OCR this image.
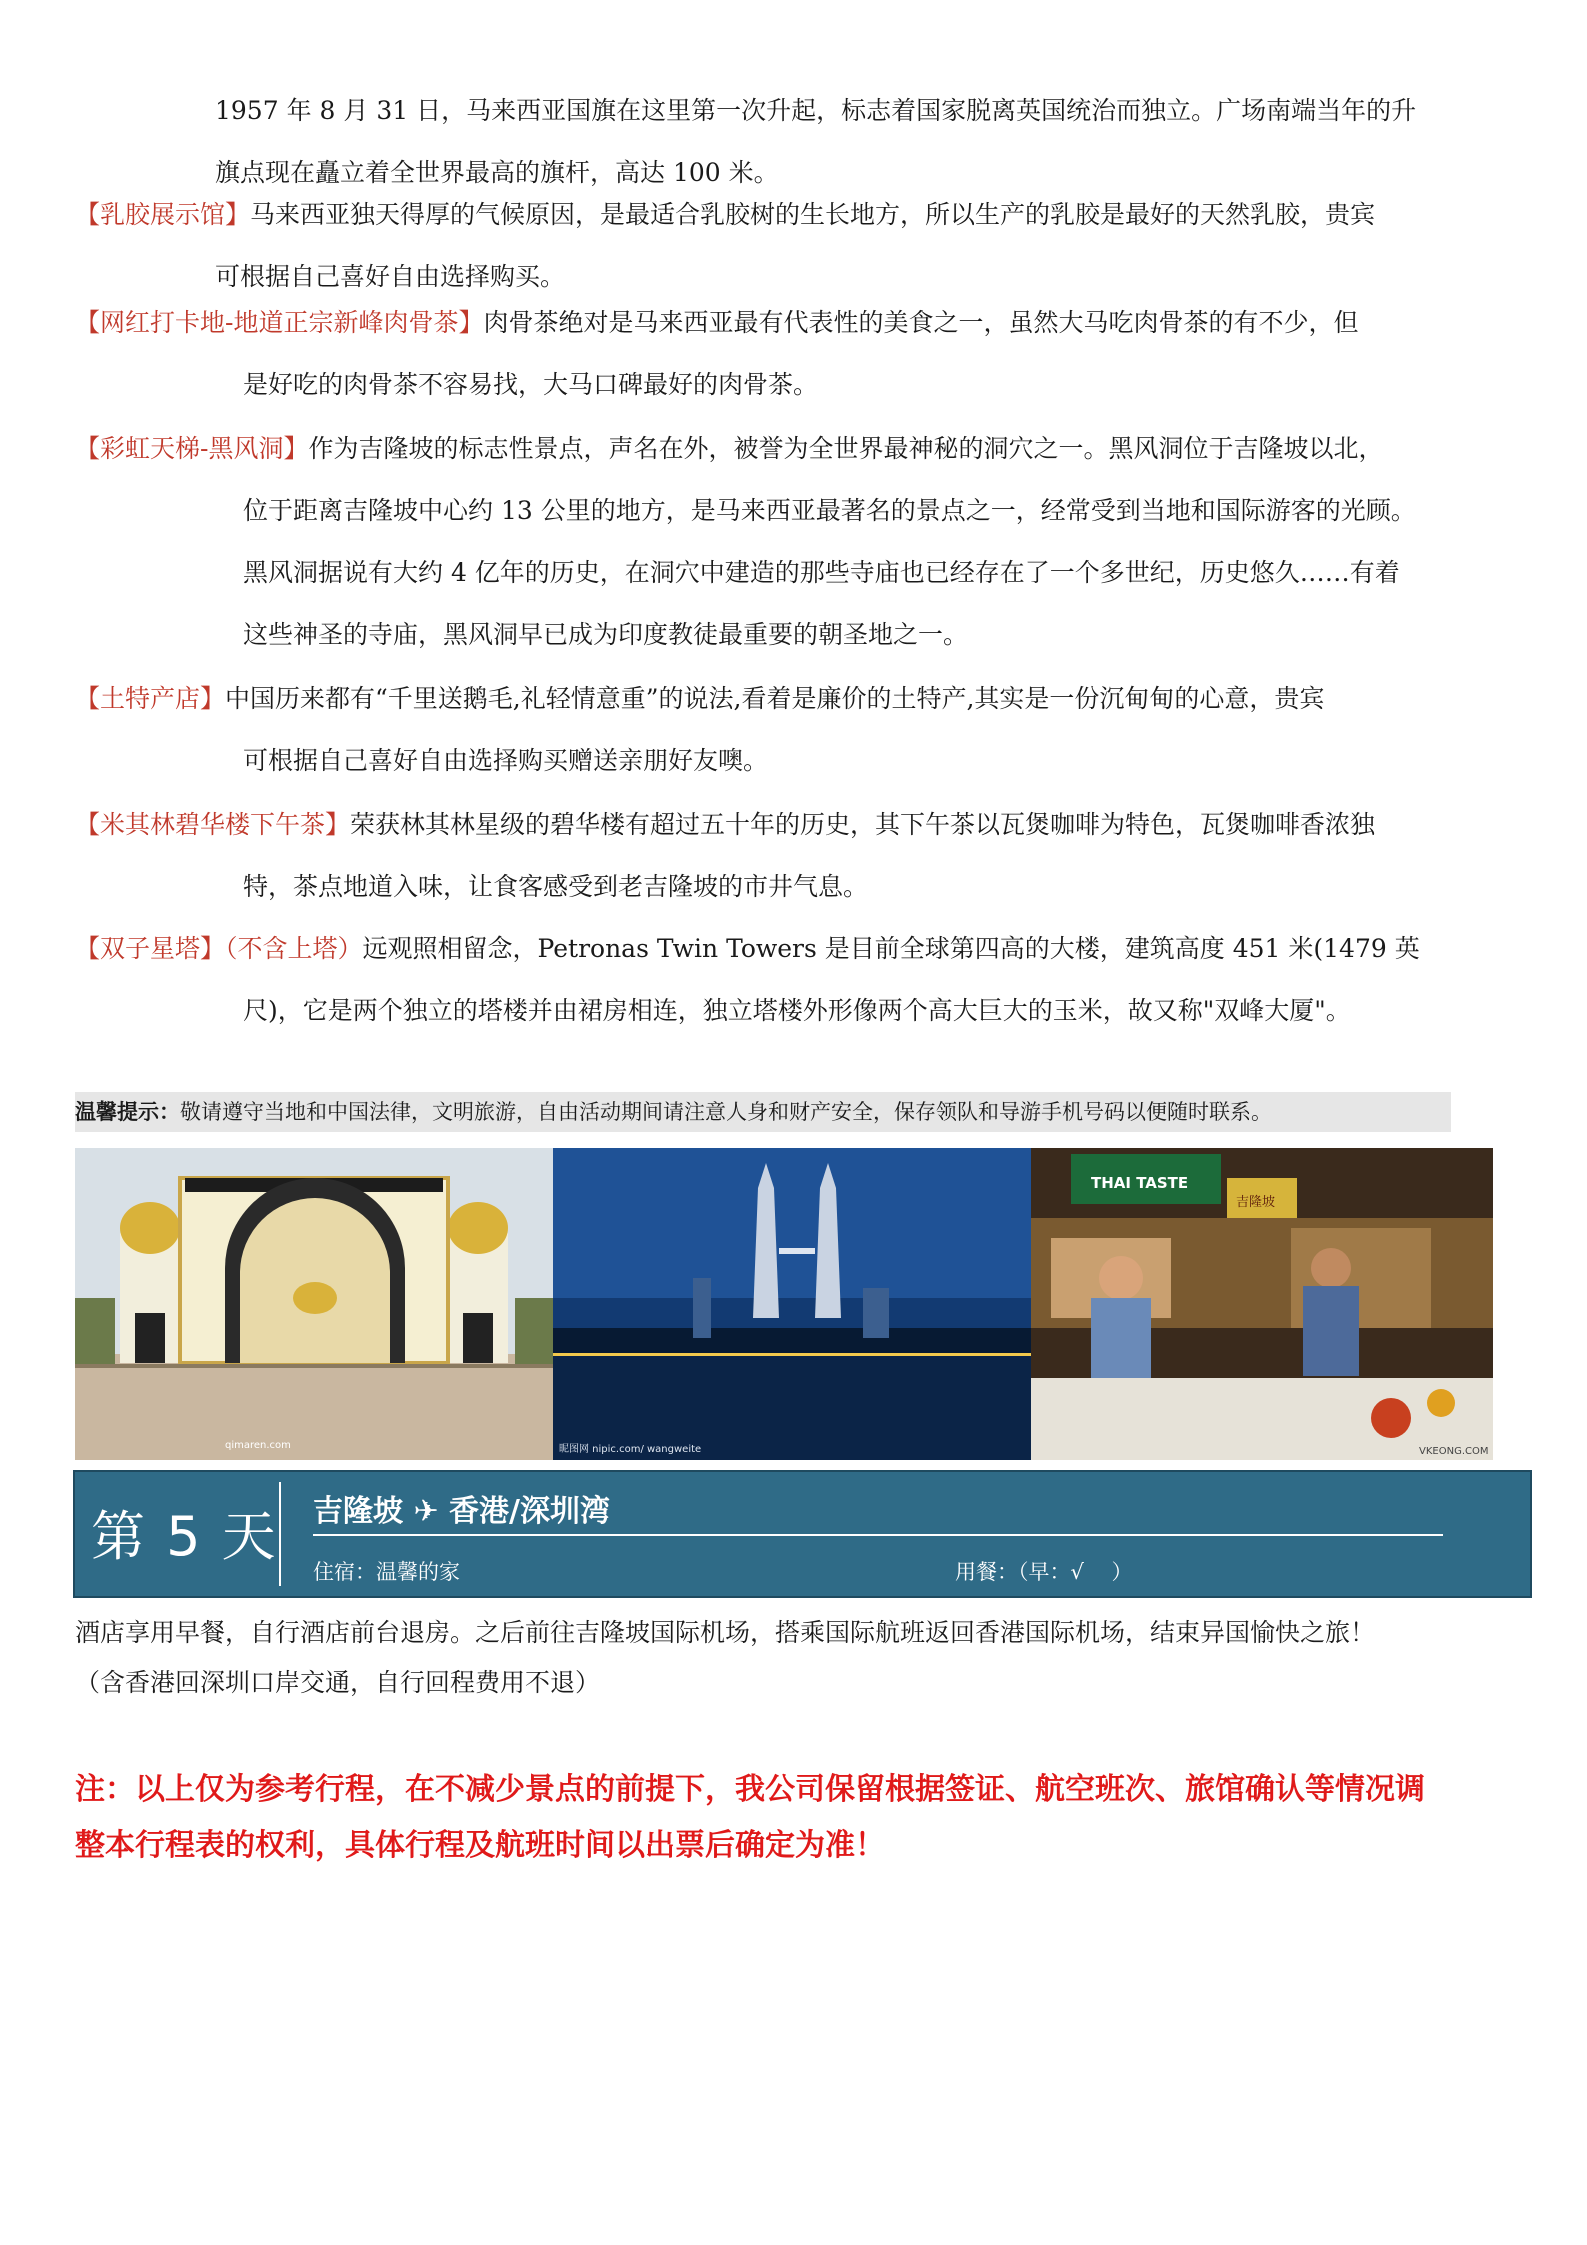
1957 年 8 月 31 日，马来西亚国旗在这里第一次升起，标志着国家脱离英国统治而独立。广场南端当年的升
旗点现在矗立着全世界最高的旗杆，高达 100 米。
【乳胶展示馆】马来西亚独天得厚的气候原因，是最适合乳胶树的生长地方，所以生产的乳胶是最好的天然乳胶，贵宾
可根据自己喜好自由选择购买。
【网红打卡地-地道正宗新峰肉骨茶】肉骨茶绝对是马来西亚最有代表性的美食之一，虽然大马吃肉骨茶的有不少，但
是好吃的肉骨茶不容易找，大马口碑最好的肉骨茶。
【彩虹天梯-黑风洞】作为吉隆坡的标志性景点，声名在外，被誉为全世界最神秘的洞穴之一。黑风洞位于吉隆坡以北，
位于距离吉隆坡中心约 13 公里的地方，是马来西亚最著名的景点之一，经常受到当地和国际游客的光顾。
黑风洞据说有大约 4 亿年的历史，在洞穴中建造的那些寺庙也已经存在了一个多世纪，历史悠久……有着
这些神圣的寺庙，黑风洞早已成为印度教徒最重要的朝圣地之一。
【土特产店】中国历来都有“千里送鹅毛,礼轻情意重”的说法,看着是廉价的土特产,其实是一份沉甸甸的心意，贵宾
可根据自己喜好自由选择购买赠送亲朋好友噢。
【米其林碧华楼下午茶】荣获林其林星级的碧华楼有超过五十年的历史，其下午茶以瓦煲咖啡为特色，瓦煲咖啡香浓独
特，茶点地道入味，让食客感受到老吉隆坡的市井气息。
【双子星塔】（不含上塔）远观照相留念，Petronas Twin Towers 是目前全球第四高的大楼，建筑高度 451 米(1479 英
尺)，它是两个独立的塔楼并由裙房相连，独立塔楼外形像两个高大巨大的玉米，故又称"双峰大厦"。
温馨提示：敬请遵守当地和中国法律，文明旅游，自由活动期间请注意人身和财产安全，保存领队和导游手机号码以便随时联系。
qimaren.com	昵图网 nipic.com/ wangweite
THAI TASTE
吉隆坡
VKEONG.COM
第 5 天 吉隆坡 ✈ 香港/深圳湾
住宿：温馨的家	用餐：（早：√　 ）
酒店享用早餐，自行酒店前台退房。之后前往吉隆坡国际机场，搭乘国际航班返回香港国际机场，结束异国愉快之旅！
（含香港回深圳口岸交通，自行回程费用不退）
注：以上仅为参考行程，在不减少景点的前提下，我公司保留根据签证、航空班次、旅馆确认等情况调
整本行程表的权利，具体行程及航班时间以出票后确定为准！
